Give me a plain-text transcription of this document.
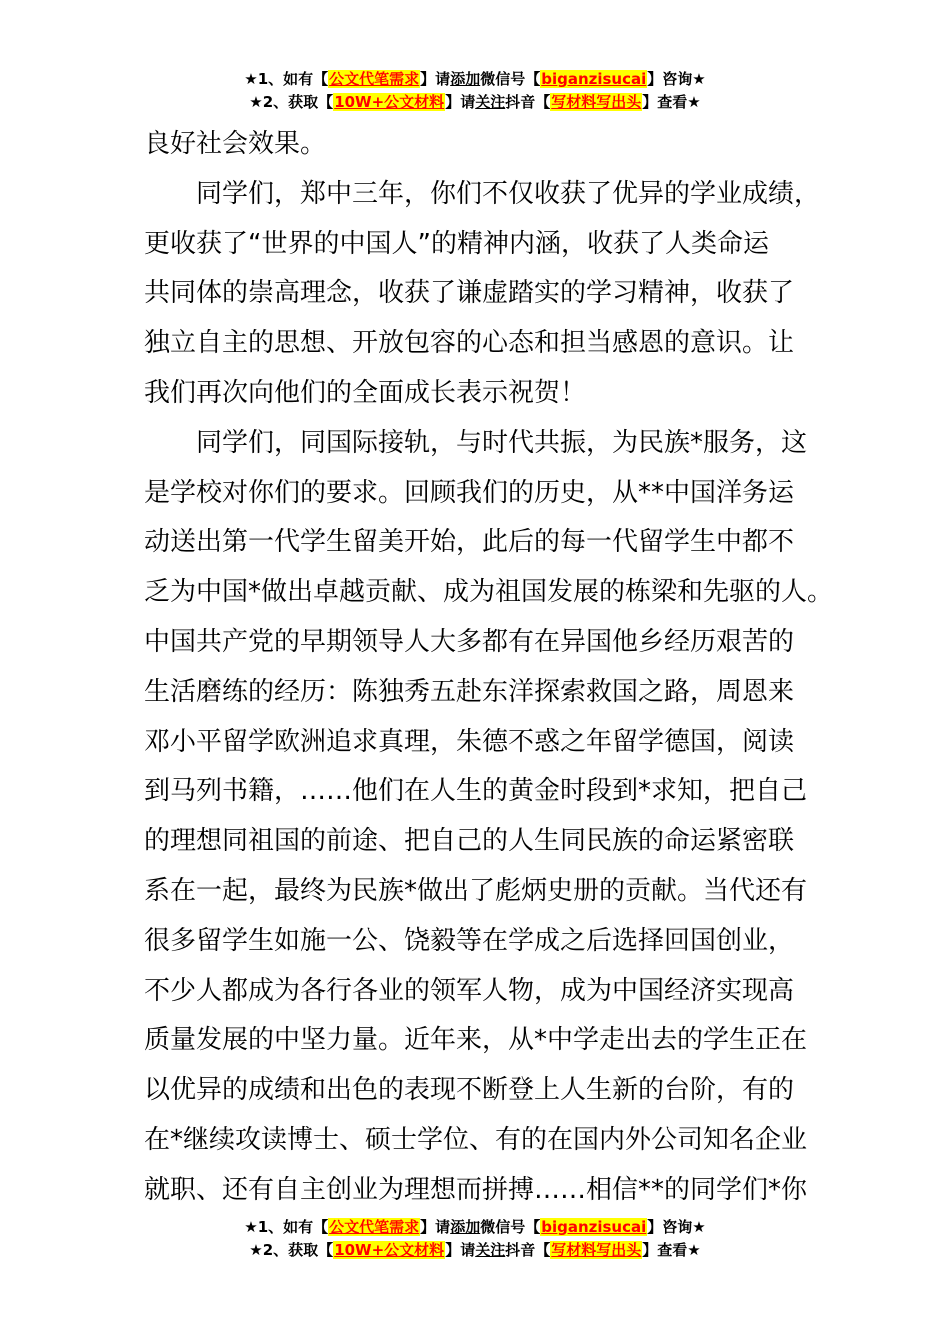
★1、如有【公文代笔需求】请添加微信号【biganzisucai】咨询★
★2、获取【10W+公文材料】请关注抖音【写材料写出头】查看★
良好社会效果。
同学们，郑中三年，你们不仅收获了优异的学业成绩，
更收获了“世界的中国人”的精神内涵，收获了人类命运
共同体的崇高理念，收获了谦虚踏实的学习精神，收获了
独立自主的思想、开放包容的心态和担当感恩的意识。让
我们再次向他们的全面成长表示祝贺！
同学们，同国际接轨，与时代共振，为民族*服务，这
是学校对你们的要求。回顾我们的历史，从**中国洋务运
动送出第一代学生留美开始，此后的每一代留学生中都不
乏为中国*做出卓越贡献、成为祖国发展的栋梁和先驱的人。
中国共产党的早期领导人大多都有在异国他乡经历艰苦的
生活磨练的经历：陈独秀五赴东洋探索救国之路，周恩来
邓小平留学欧洲追求真理，朱德不惑之年留学德国，阅读
到马列书籍，……他们在人生的黄金时段到*求知，把自己
的理想同祖国的前途、把自己的人生同民族的命运紧密联
系在一起，最终为民族*做出了彪炳史册的贡献。当代还有
很多留学生如施一公、饶毅等在学成之后选择回国创业，
不少人都成为各行各业的领军人物，成为中国经济实现高
质量发展的中坚力量。近年来，从*中学走出去的学生正在
以优异的成绩和出色的表现不断登上人生新的台阶，有的
在*继续攻读博士、硕士学位、有的在国内外公司知名企业
就职、还有自主创业为理想而拼搏……相信**的同学们*你
★1、如有【公文代笔需求】请添加微信号【biganzisucai】咨询★
★2、获取【10W+公文材料】请关注抖音【写材料写出头】查看★
